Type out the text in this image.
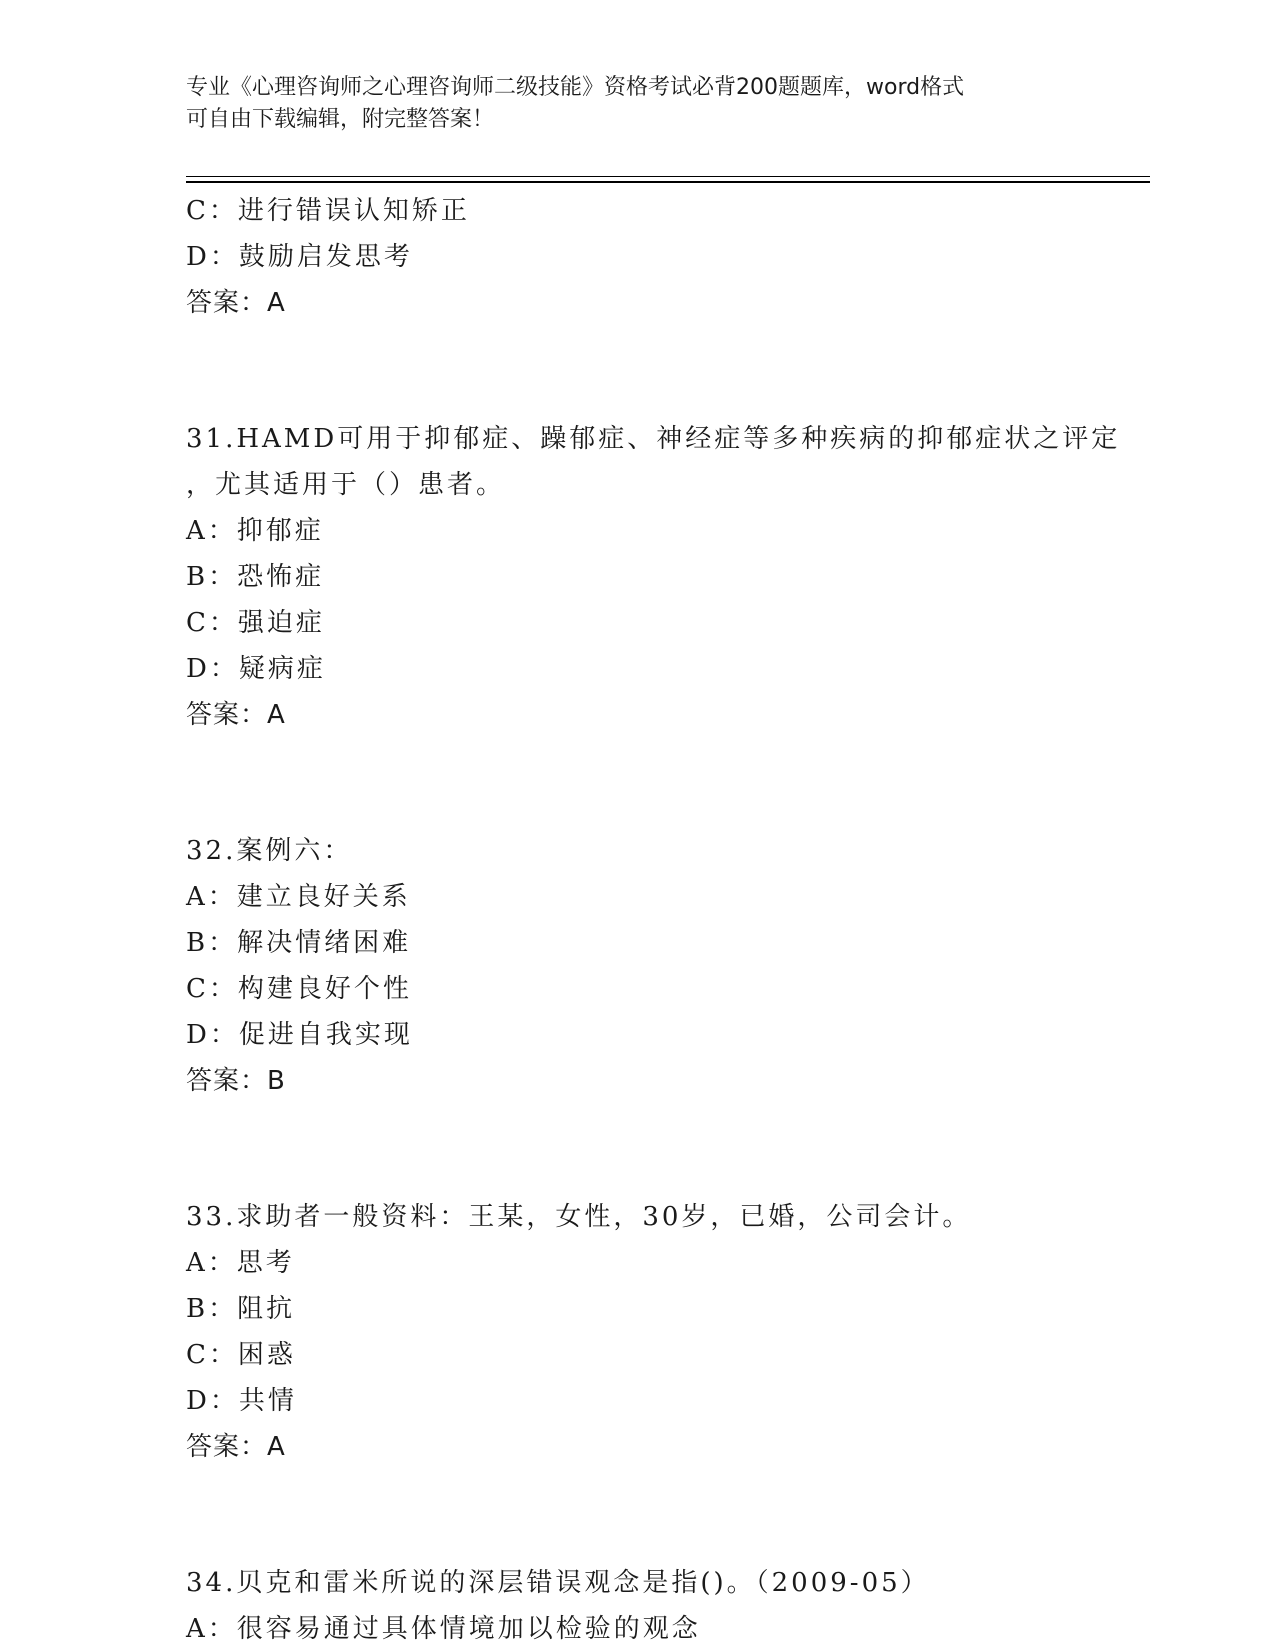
专业《心理咨询师之心理咨询师二级技能》资格考试必背200题题库，word格式
可自由下载编辑，附完整答案！
C：进行错误认知矫正
D：鼓励启发思考
答案：A
31.HAMD可用于抑郁症、躁郁症、神经症等多种疾病的抑郁症状之评定
，尤其适用于（）患者。
A：抑郁症
B：恐怖症
C：强迫症
D：疑病症
答案：A
32.案例六：
A：建立良好关系
B：解决情绪困难
C：构建良好个性
D：促进自我实现
答案：B
33.求助者一般资料：王某，女性，30岁，已婚，公司会计。
A：思考
B：阻抗
C：困惑
D：共情
答案：A
34.贝克和雷米所说的深层错误观念是指()。（2009-05）
A：很容易通过具体情境加以检验的观念
